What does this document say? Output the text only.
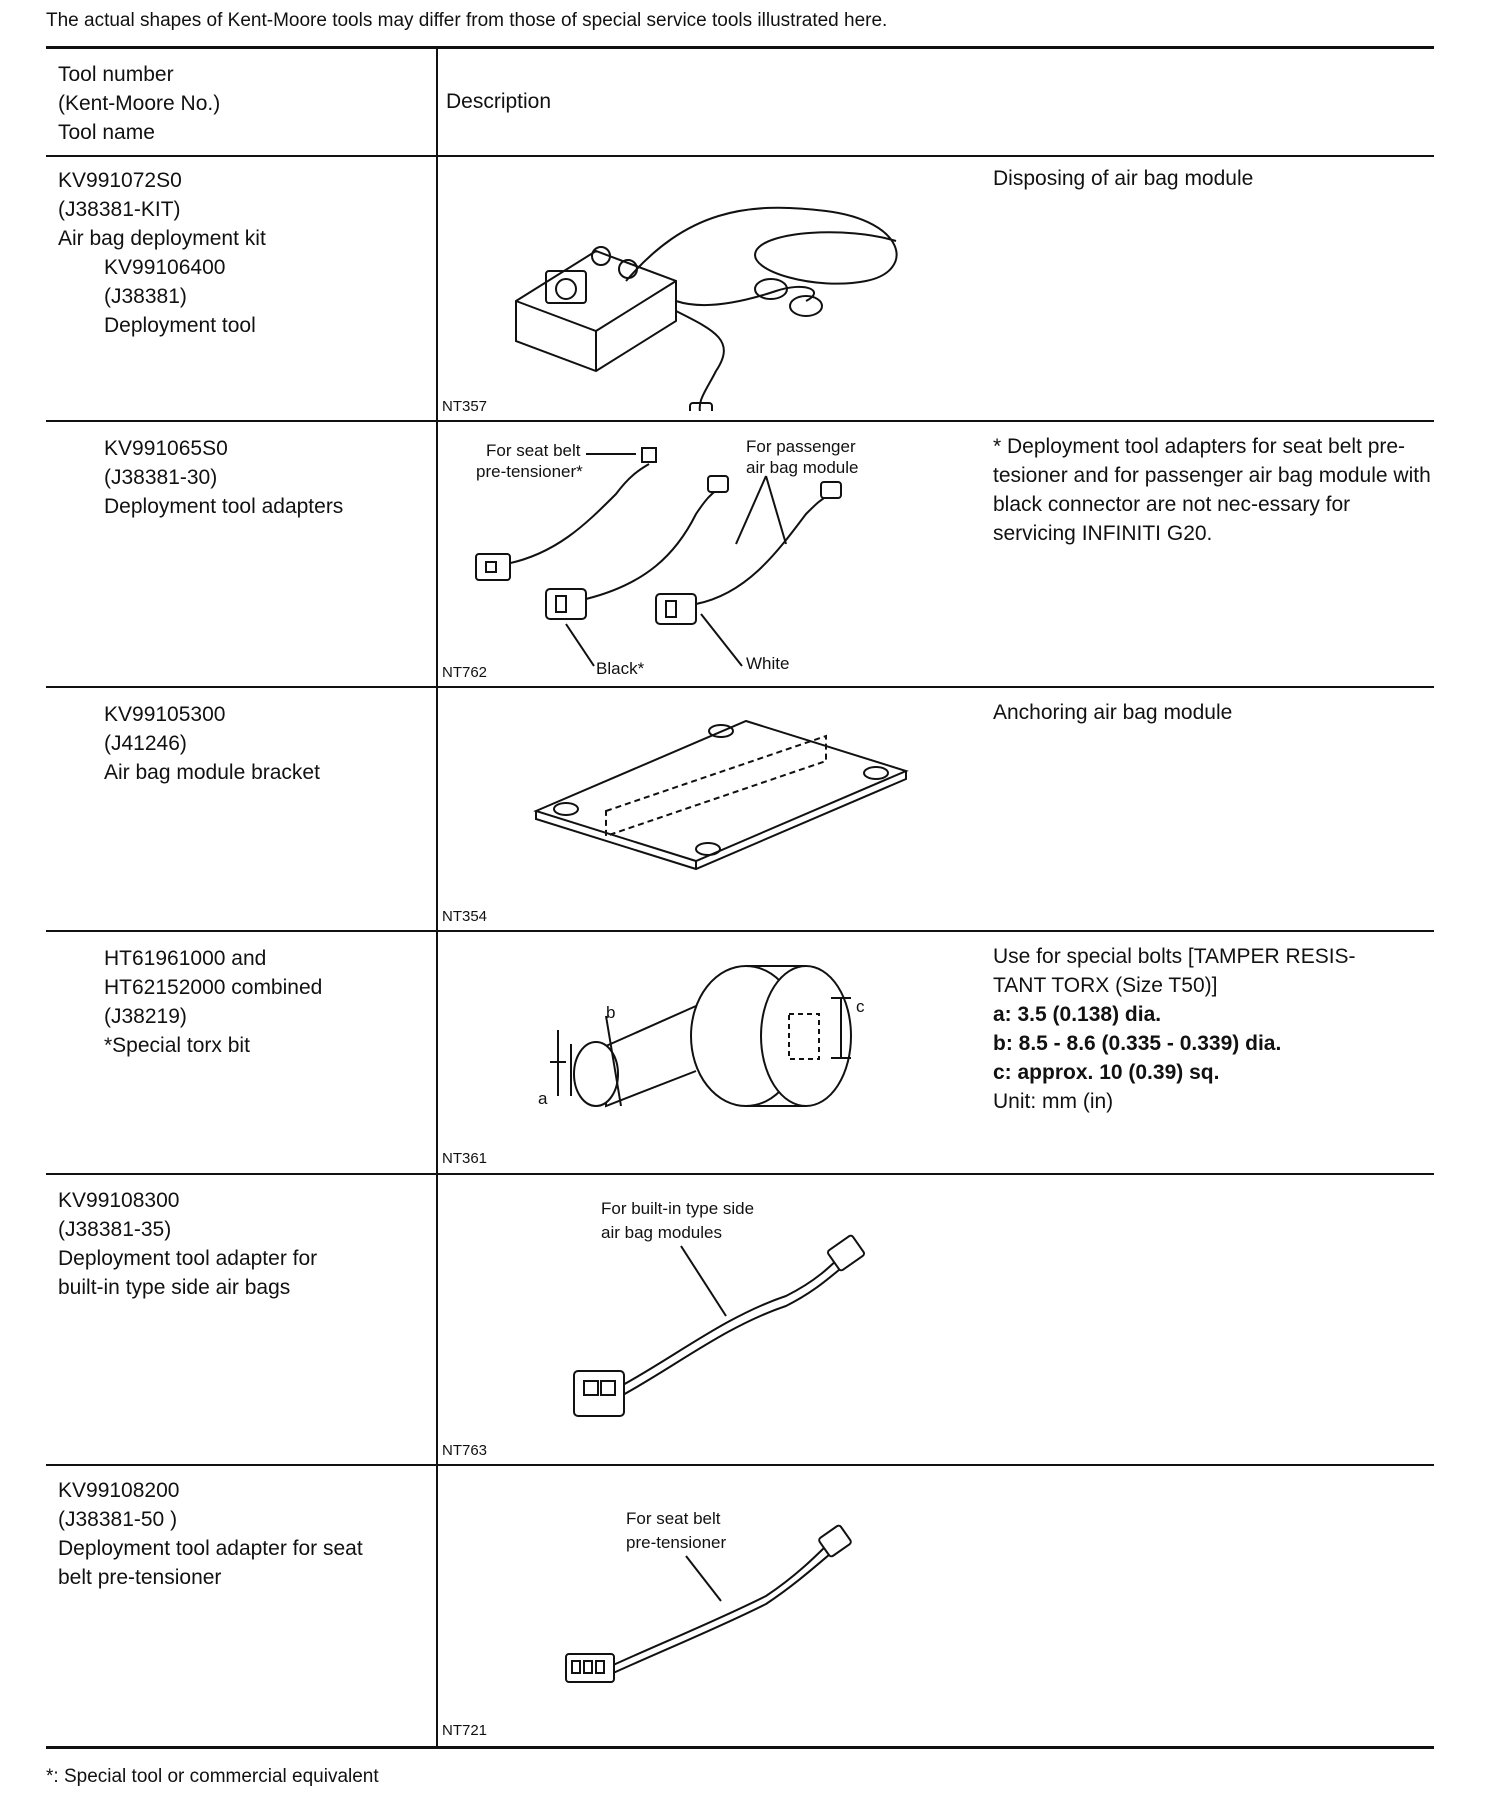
The actual shapes of Kent-Moore tools may differ from those of special service tools illustrated here.
Tool number
(Kent-Moore No.)
Tool name
Description
KV991072S0
(J38381-KIT)
Air bag deployment kit
KV99106400
(J38381)
Deployment tool
NT357
Disposing of air bag module
KV991065S0
(J38381-30)
Deployment tool adapters
For seat belt
pre-tensioner*
For passenger
air bag module
Black*	White
NT762
* Deployment tool adapters for seat belt pre-tesioner and for passenger air bag module with black connector are not nec-essary for servicing INFINITI G20.
KV99105300
(J41246)
Air bag module bracket
NT354
Anchoring air bag module
HT61961000 and
HT62152000 combined
(J38219)
*Special torx bit
b	c
a
NT361
Use for special bolts [TAMPER RESIS-
TANT TORX (Size T50)]
a: 3.5 (0.138) dia.
b: 8.5 - 8.6 (0.335 - 0.339) dia.
c: approx. 10 (0.39) sq.
Unit: mm (in)
KV99108300
(J38381-35)
Deployment tool adapter for
built-in type side air bags
For built-in type side
air bag modules
NT763
KV99108200
(J38381-50 )
Deployment tool adapter for seat
belt pre-tensioner
For seat belt
pre-tensioner
NT721
*: Special tool or commercial equivalent
